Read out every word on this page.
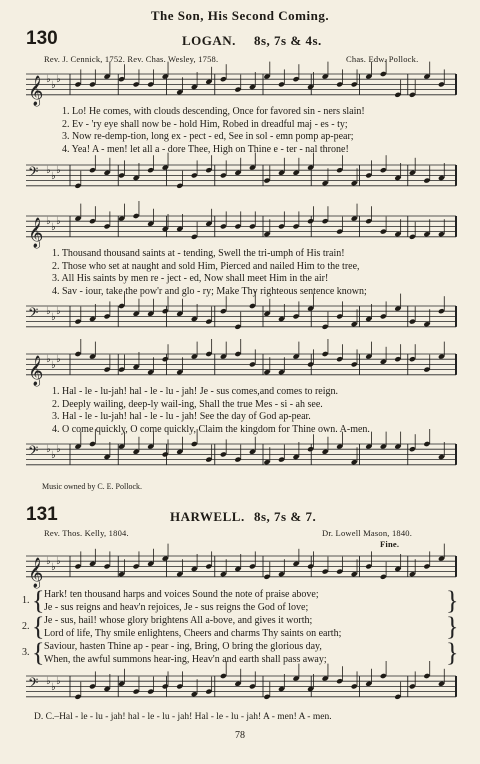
The Son, His Second Coming.
130	LOGAN. 8s, 7s & 4s.
Rev. J. Cennick, 1752. Rev. Chas. Wesley, 1758.	Chas. Edw. Pollock.
𝄞 ♭
♭
♭
1. Lo! He comes, with clouds descending, Once for favored sin - ners slain!
2. Ev - 'ry eye shall now be - hold Him, Robed in dreadful maj - es - ty;
3. Now re-demp-tion, long ex - pect - ed, See in sol - emn pomp ap-pear;
4. Yea! A - men! let all a - dore Thee, High on Thine e - ter - nal throne!
𝄢 ♭
♭
♭
𝄞 ♭
♭
♭
1. Thousand thousand saints at - tending, Swell the tri-umph of His train!
2. Those who set at naught and sold Him, Pierced and nailed Him to the tree,
3. All His saints by men re - ject - ed, Now shall meet Him in the air!
4. Sav - iour, take the pow'r and glo - ry; Make Thy righteous sentence known;
𝄢 ♭
♭
♭
𝄞 ♭
♭
♭
1. Hal - le - lu-jah! hal - le - lu - jah! Je - sus comes,and comes to reign.
2. Deeply wailing, deep-ly wail-ing, Shall the true Mes - si - ah see.
3. Hal - le - lu-jah! hal - le - lu - jah! See the day of God ap-pear.
4. O come quickly, O come quickly, Claim the kingdom for Thine own. A-men.
𝄢 ♭
♭
♭
Music owned by C. E. Pollock.
131	HARWELL. 8s, 7s & 7.
Rev. Thos. Kelly, 1804.	Dr. Lowell Mason, 1840.
Fine.
𝄞 ♭
♭
♭
1. { Hark! ten thousand harps and voices Sound the note of praise above;
Je - sus reigns and heav'n rejoices, Je - sus reigns the God of love;	}
2. { Je - sus, hail! whose glory brightens All a-bove, and gives it worth;
Lord of life, Thy smile enlightens, Cheers and charms Thy saints on earth;	}
3. { Saviour, hasten Thine ap - pear - ing, Bring, O bring the glorious day,
When, the awful summons hear-ing, Heav'n and earth shall pass away;	}
𝄢 ♭
♭
♭
D. C.–Hal - le - lu - jah! hal - le - lu - jah! Hal - le - lu - jah! A - men! A - men.
78
